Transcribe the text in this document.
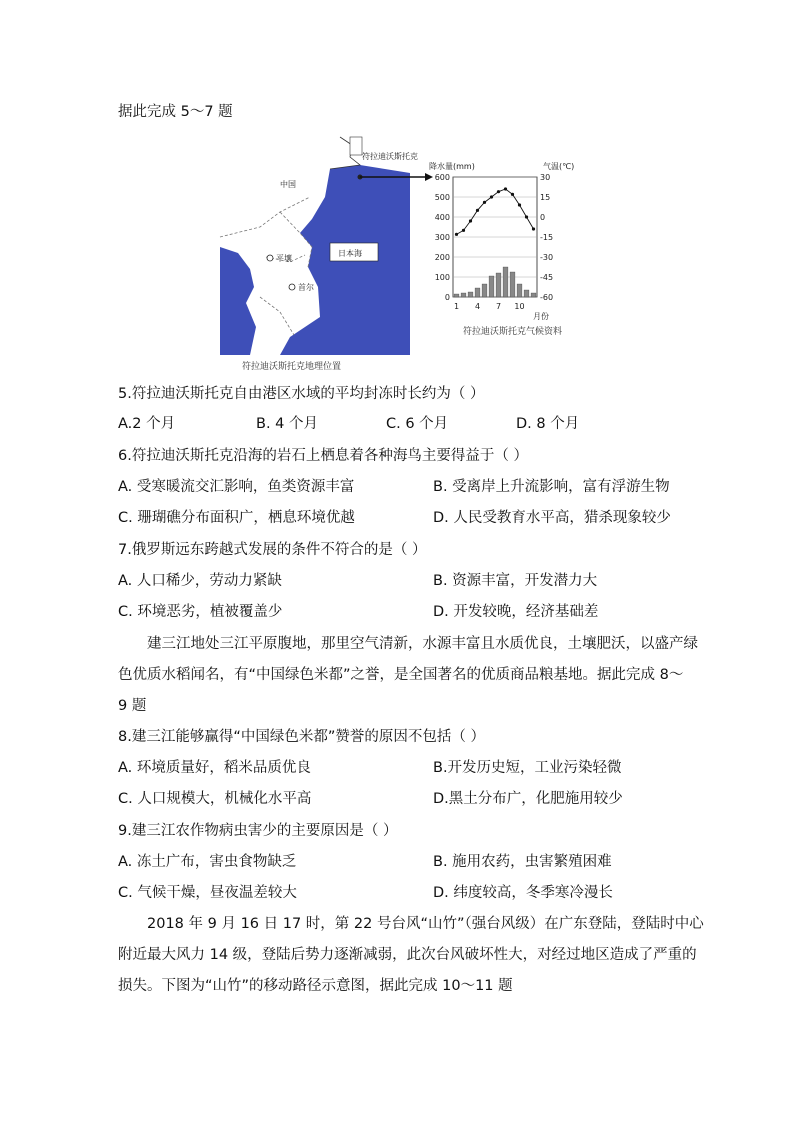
据此完成 5～7 题
符拉迪沃斯托克
中国
日本海
平壤
首尔
符拉迪沃斯托克地理位置
降水量(mm)	气温(℃)
月份
0
100
200
300
400
500
600	30
15
0
-15
-30
-45
-60
1 4 7 10
符拉迪沃斯托克气候资料
5.符拉迪沃斯托克自由港区水域的平均封冻时长约为（ ）
A.2 个月	B. 4 个月	C. 6 个月	D. 8 个月
6.符拉迪沃斯托克沿海的岩石上栖息着各种海鸟主要得益于（ ）
A. 受寒暖流交汇影响，鱼类资源丰富	B. 受离岸上升流影响，富有浮游生物
C. 珊瑚礁分布面积广，栖息环境优越	D. 人民受教育水平高，猎杀现象较少
7.俄罗斯远东跨越式发展的条件不符合的是（ ）
A. 人口稀少，劳动力紧缺	B. 资源丰富，开发潜力大
C. 环境恶劣，植被覆盖少	D. 开发较晚，经济基础差
建三江地处三江平原腹地，那里空气清新，水源丰富且水质优良，土壤肥沃，以盛产绿
色优质水稻闻名，有“中国绿色米都”之誉，是全国著名的优质商品粮基地。据此完成 8～
9 题
8.建三江能够赢得“中国绿色米都”赞誉的原因不包括（ ）
A. 环境质量好，稻米品质优良	B.开发历史短，工业污染轻微
C. 人口规模大，机械化水平高	D.黑土分布广，化肥施用较少
9.建三江农作物病虫害少的主要原因是（ ）
A. 冻土广布，害虫食物缺乏	B. 施用农药，虫害繁殖困难
C. 气候干燥，昼夜温差较大	D. 纬度较高，冬季寒冷漫长
2018 年 9 月 16 日 17 时，第 22 号台风“山竹”（强台风级）在广东登陆，登陆时中心
附近最大风力 14 级，登陆后势力逐渐减弱，此次台风破坏性大，对经过地区造成了严重的
损失。下图为“山竹”的移动路径示意图，据此完成 10～11 题
